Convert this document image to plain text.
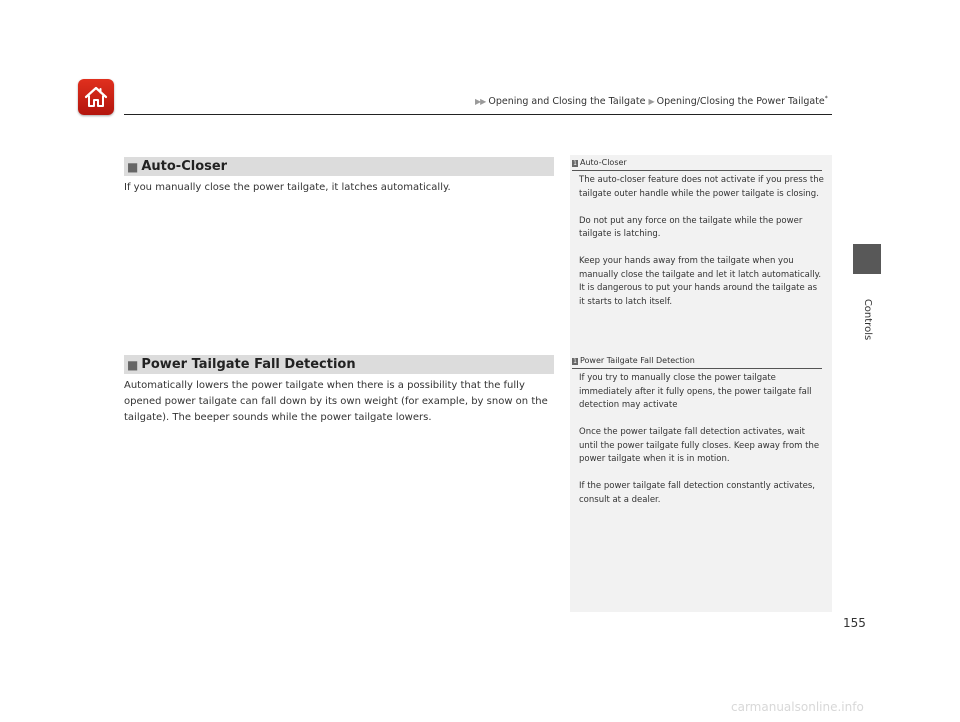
▶▶ Opening and Closing the Tailgate ▶ Opening/Closing the Power Tailgate*
Controls
■ Auto-Closer
If you manually close the power tailgate, it latches automatically.
1 Auto-Closer

The auto-closer feature does not activate if you press the tailgate outer handle while the power tailgate is closing.

Do not put any force on the tailgate while the power tailgate is latching.

Keep your hands away from the tailgate when you manually close the tailgate and let it latch automatically. It is dangerous to put your hands around the tailgate as it starts to latch itself.

■ Power Tailgate Fall Detection
Automatically lowers the power tailgate when there is a possibility that the fully opened power tailgate can fall down by its own weight (for example, by snow on the tailgate). The beeper sounds while the power tailgate lowers.
1 Power Tailgate Fall Detection

If you try to manually close the power tailgate immediately after it fully opens, the power tailgate fall detection may activate

Once the power tailgate fall detection activates, wait until the power tailgate fully closes. Keep away from the power tailgate when it is in motion.

If the power tailgate fall detection constantly activates, consult at a dealer.

155
carmanualsonline.info
